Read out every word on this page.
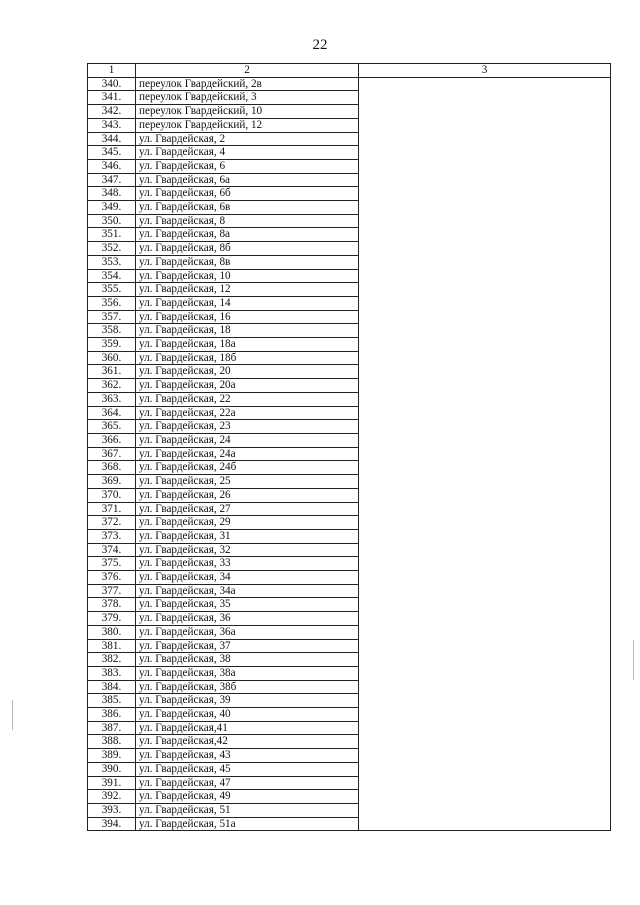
22
1	2	3
340.	переулок Гвардейский, 2в	
341.	переулок Гвардейский, 3	
342.	переулок Гвардейский, 10	
343.	переулок Гвардейский, 12	
344.	ул. Гвардейская, 2	
345.	ул. Гвардейская, 4	
346.	ул. Гвардейская, 6	
347.	ул. Гвардейская, 6а	
348.	ул. Гвардейская, 6б	
349.	ул. Гвардейская, 6в	
350.	ул. Гвардейская, 8	
351.	ул. Гвардейская, 8а	
352.	ул. Гвардейская, 8б	
353.	ул. Гвардейская, 8в	
354.	ул. Гвардейская, 10	
355.	ул. Гвардейская, 12	
356.	ул. Гвардейская, 14	
357.	ул. Гвардейская, 16	
358.	ул. Гвардейская, 18	
359.	ул. Гвардейская, 18а	
360.	ул. Гвардейская, 18б	
361.	ул. Гвардейская, 20	
362.	ул. Гвардейская, 20а	
363.	ул. Гвардейская, 22	
364.	ул. Гвардейская, 22а	
365.	ул. Гвардейская, 23	
366.	ул. Гвардейская, 24	
367.	ул. Гвардейская, 24а	
368.	ул. Гвардейская, 24б	
369.	ул. Гвардейская, 25	
370.	ул. Гвардейская, 26	
371.	ул. Гвардейская, 27	
372.	ул. Гвардейская, 29	
373.	ул. Гвардейская, 31	
374.	ул. Гвардейская, 32	
375.	ул. Гвардейская, 33	
376.	ул. Гвардейская, 34	
377.	ул. Гвардейская, 34а	
378.	ул. Гвардейская, 35	
379.	ул. Гвардейская, 36	
380.	ул. Гвардейская, 36а	
381.	ул. Гвардейская, 37	
382.	ул. Гвардейская, 38	
383.	ул. Гвардейская, 38а	
384.	ул. Гвардейская, 38б	
385.	ул. Гвардейская, 39	
386.	ул. Гвардейская, 40	
387.	ул. Гвардейская,41	
388.	ул. Гвардейская,42	
389.	ул. Гвардейская, 43	
390.	ул. Гвардейская, 45	
391.	ул. Гвардейская, 47	
392.	ул. Гвардейская, 49	
393.	ул. Гвардейская, 51	
394.	ул. Гвардейская, 51а	
